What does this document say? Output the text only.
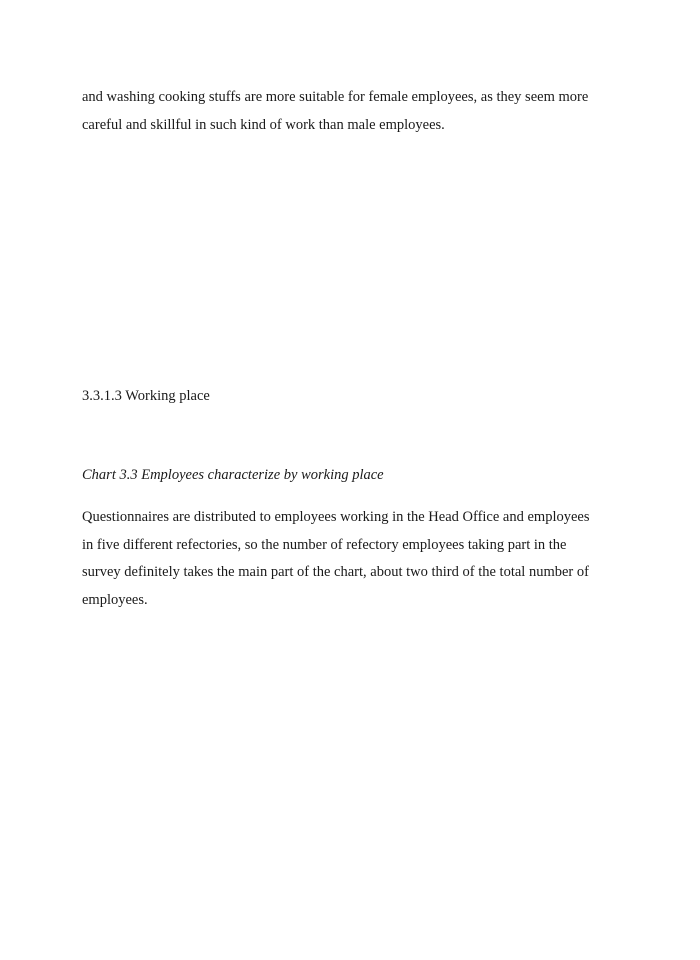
and washing cooking stuffs are more suitable for female employees, as they seem more
careful and skillful in such kind of work than male employees.

3.3.1.3 Working place
Chart 3.3 Employees characterize by working place

Questionnaires are distributed to employees working in the Head Office and employees
in five different refectories, so the number of refectory employees taking part in the
survey definitely takes the main part of the chart, about two third of the total number of
employees.
